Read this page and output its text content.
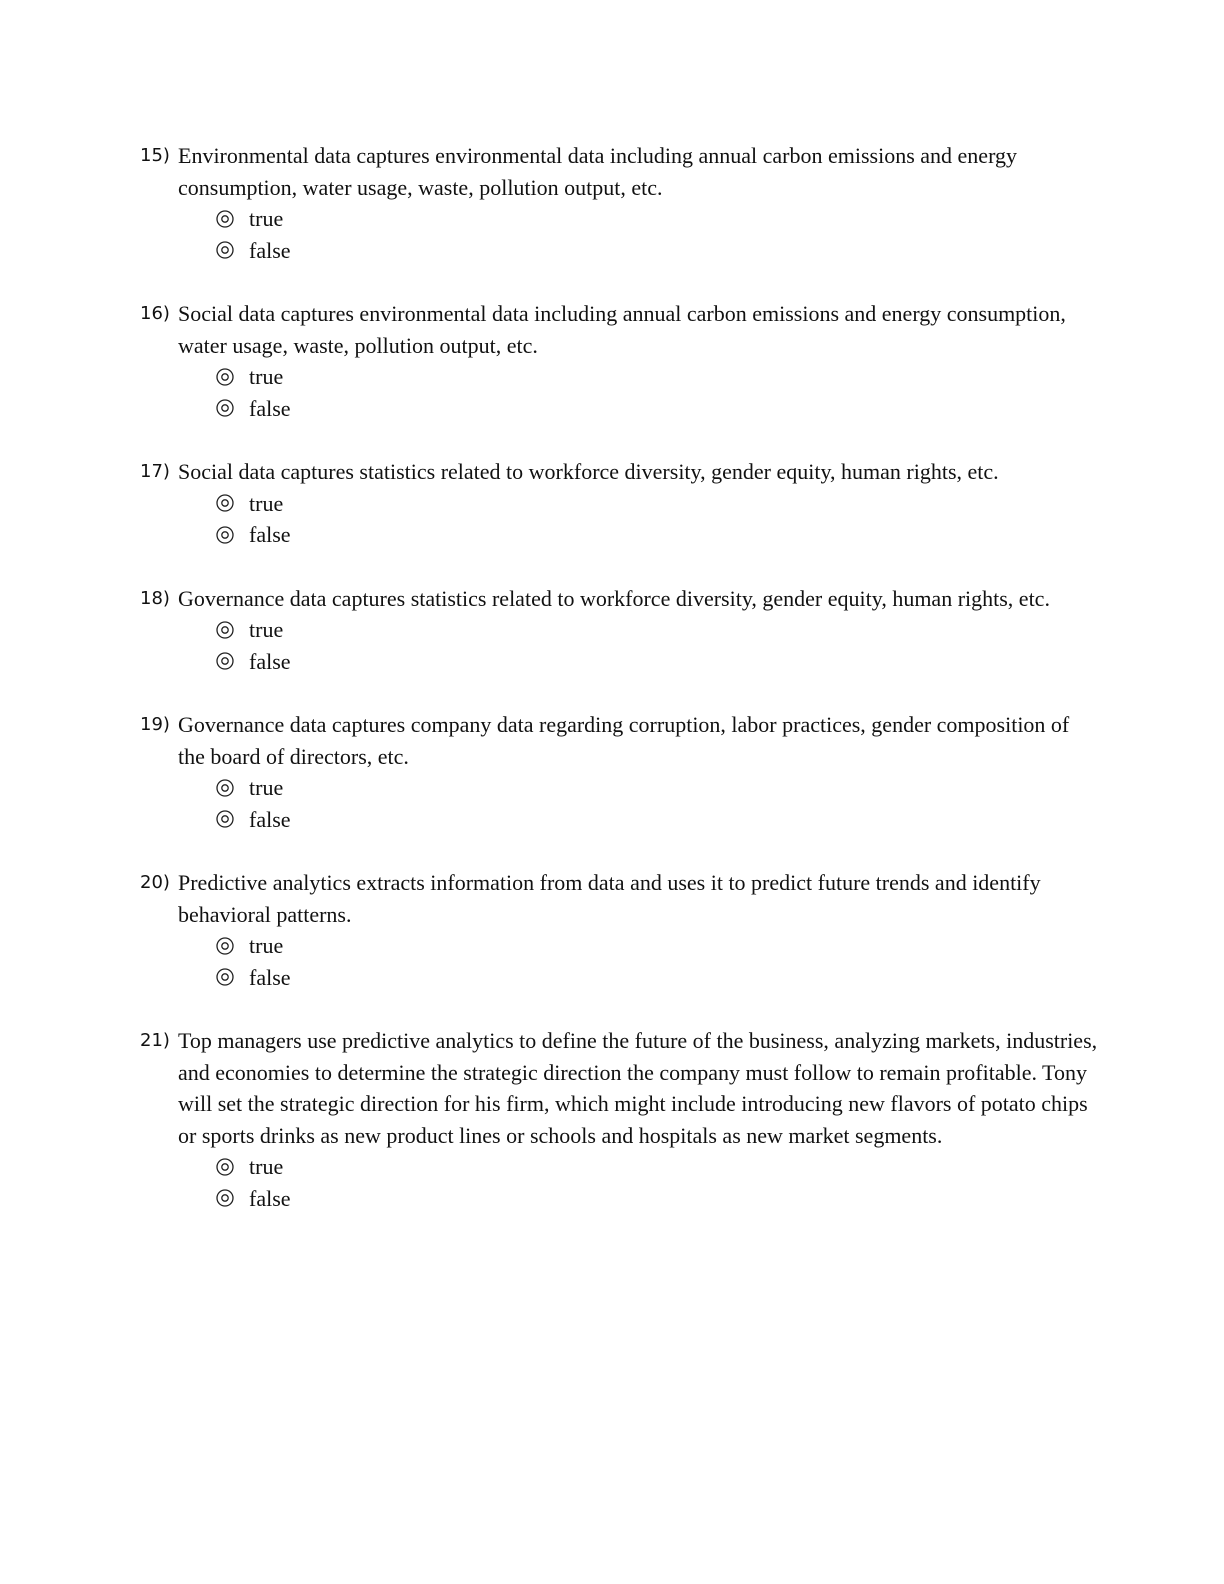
15) Environmental data captures environmental data including annual carbon emissions and energy consumption, water usage, waste, pollution output, etc.
true
false
16) Social data captures environmental data including annual carbon emissions and energy consumption, water usage, waste, pollution output, etc.
true
false
17) Social data captures statistics related to workforce diversity, gender equity, human rights, etc.
true
false
18) Governance data captures statistics related to workforce diversity, gender equity, human rights, etc.
true
false
19) Governance data captures company data regarding corruption, labor practices, gender composition of the board of directors, etc.
true
false
20) Predictive analytics extracts information from data and uses it to predict future trends and identify behavioral patterns.
true
false
21) Top managers use predictive analytics to define the future of the business, analyzing markets, industries, and economies to determine the strategic direction the company must follow to remain profitable. Tony will set the strategic direction for his firm, which might include introducing new flavors of potato chips or sports drinks as new product lines or schools and hospitals as new market segments.
true
false
